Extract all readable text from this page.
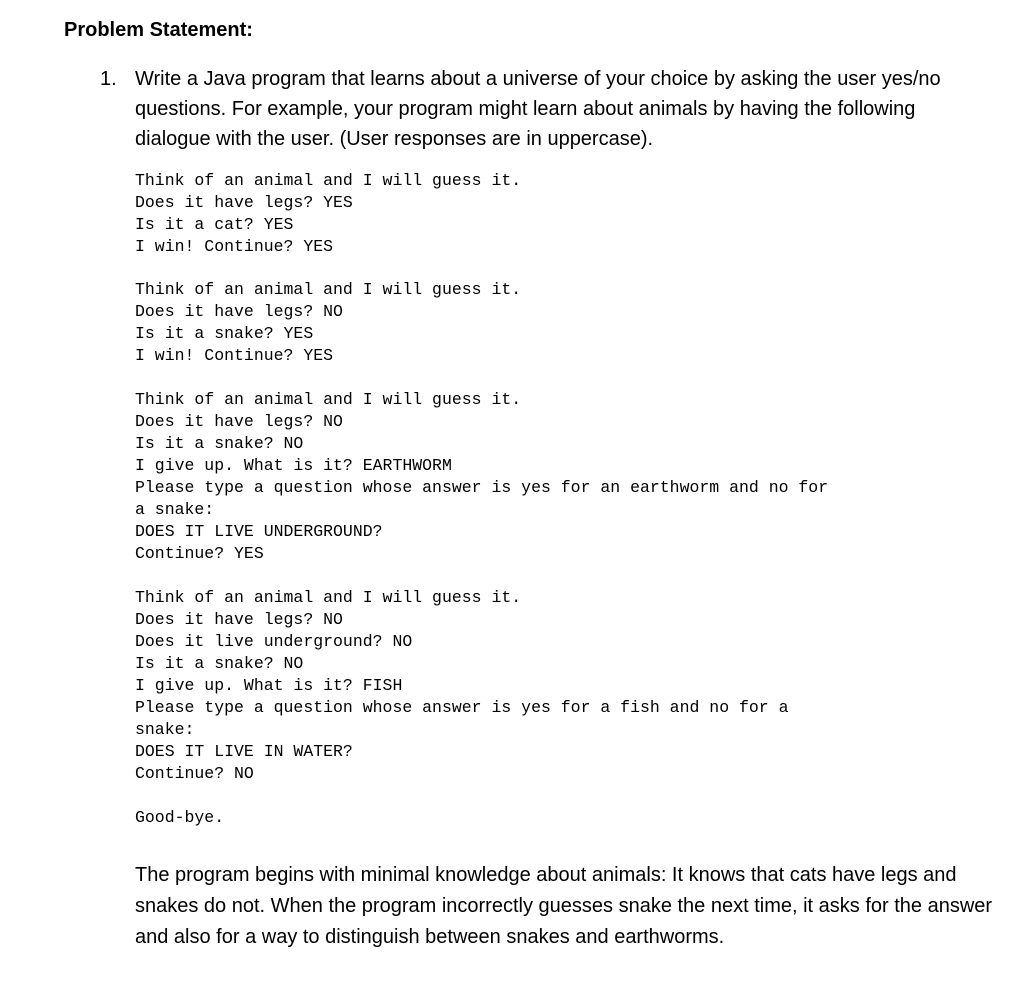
Problem Statement:
1. Write a Java program that learns about a universe of your choice by asking the user yes/no questions. For example, your program might learn about animals by having the following dialogue with the user. (User responses are in uppercase).

Think of an animal and I will guess it.
Does it have legs? YES
Is it a cat? YES
I win! Continue? YES
Think of an animal and I will guess it.
Does it have legs? NO
Is it a snake? YES
I win! Continue? YES
Think of an animal and I will guess it.
Does it have legs? NO
Is it a snake? NO
I give up. What is it? EARTHWORM
Please type a question whose answer is yes for an earthworm and no for
a snake:
DOES IT LIVE UNDERGROUND?
Continue? YES
Think of an animal and I will guess it.
Does it have legs? NO
Does it live underground? NO
Is it a snake? NO
I give up. What is it? FISH
Please type a question whose answer is yes for a fish and no for a
snake:
DOES IT LIVE IN WATER?
Continue? NO
Good-bye.

The program begins with minimal knowledge about animals: It knows that cats have legs and snakes do not. When the program incorrectly guesses snake the next time, it asks for the answer and also for a way to distinguish between snakes and earthworms.
